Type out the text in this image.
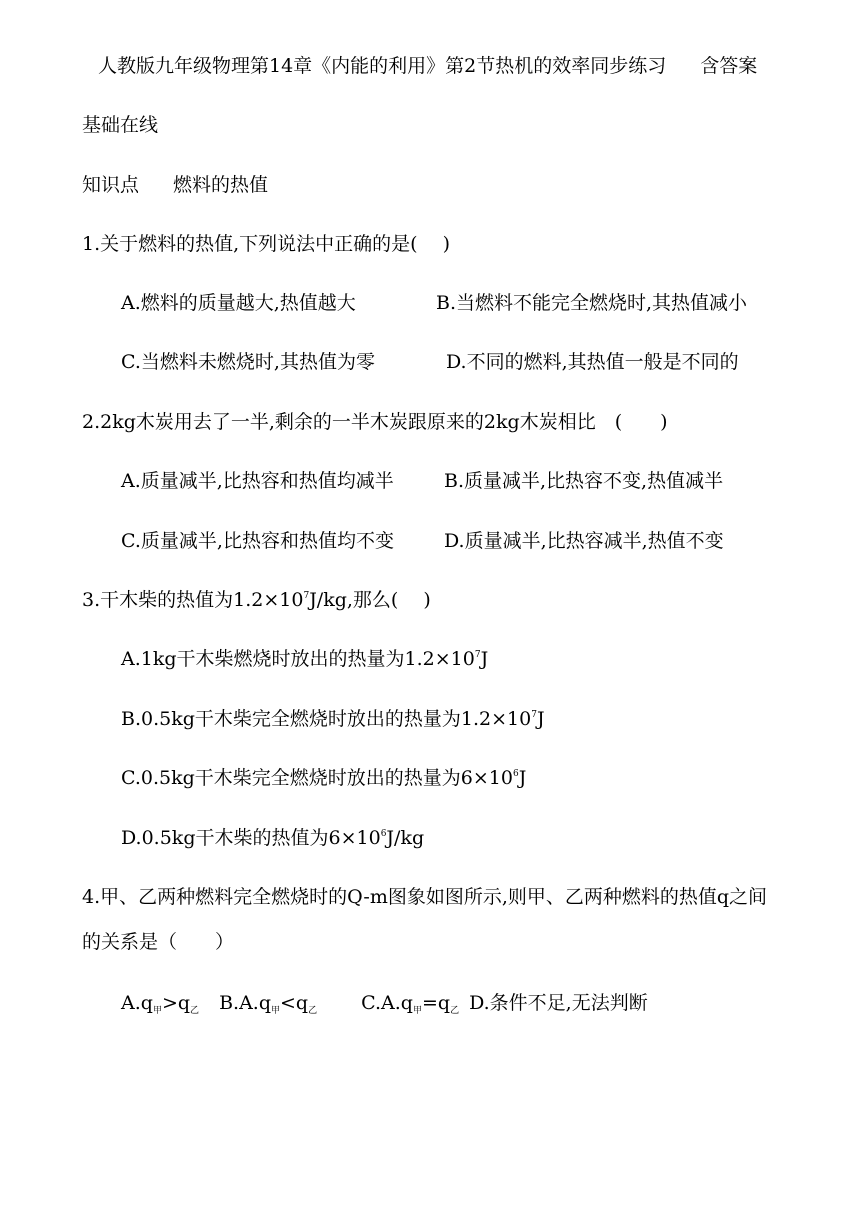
人教版九年级物理第14章《内能的利用》第2节热机的效率同步练习 含答案
基础在线
知识点 燃料的热值
1.关于燃料的热值,下列说法中正确的是(　 )
A.燃料的质量越大,热值越大	B.当燃料不能完全燃烧时,其热值减小
C.当燃料未燃烧时,其热值为零	D.不同的燃料,其热值一般是不同的
2.2kg木炭用去了一半,剩余的一半木炭跟原来的2kg木炭相比　(　　)
A.质量减半,比热容和热值均减半	B.质量减半,比热容不变,热值减半
C.质量减半,比热容和热值均不变	D.质量减半,比热容减半,热值不变
3.干木柴的热值为$1.2\times 10^7J/kg$,那么(　 )
A.1kg干木柴燃烧时放出的热量为$1.2\times 10^7J$
B.0.5kg干木柴完全燃烧时放出的热量为$1.2\times 10^7J$
C.0.5kg干木柴完全燃烧时放出的热量为$6\times 10^6J$
D.0.5kg干木柴的热值为$6\times 10^6J/kg$
4.甲、乙两种燃料完全燃烧时的Q-m图象如图所示,则甲、乙两种燃料的热值q之间
的关系是（　　）
$A.q_甲>q_乙$ $B.A.q_甲<q_乙$ $C.A.q_甲=q_乙$ D.条件不足,无法判断
